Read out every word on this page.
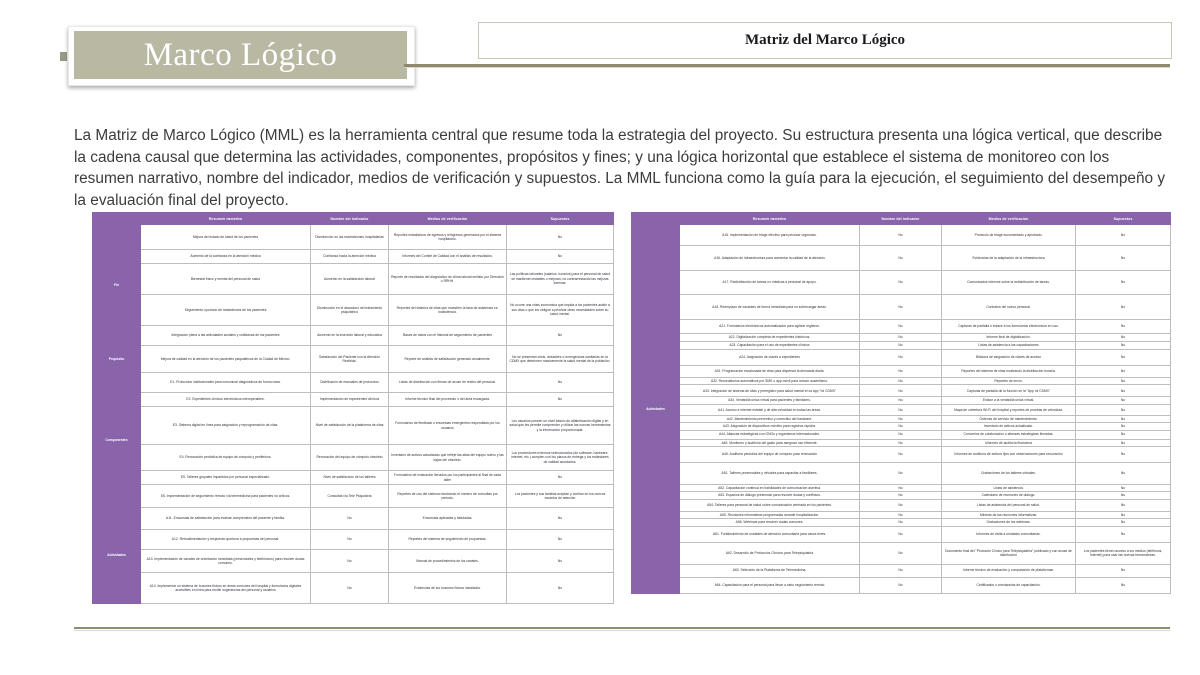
Marco Lógico	Matriz del Marco Lógico

La Matriz de Marco Lógico (MML) es la herramienta central que resume toda la estrategia del proyecto. Su estructura presenta una lógica vertical, que describe la cadena causal que determina las actividades, componentes, propósitos y fines; y una lógica horizontal que establece el sistema de monitoreo con los resumen narrativo, nombre del indicador, medios de verificación y supuestos. La MML funciona como la guía para la ejecución, el seguimiento del desempeño y la evaluación final del proyecto.

	Resumen narrativo	Nombre del indicador	Medios de verificación	Supuestos
Fin	Mejora del estado de salud de los pacientes	Disminución en las readmisiones hospitalarias	Reportes estadísticos de egresos y reingresos generados por el sistema hospitalario.	No
	Aumento de la confianza en la atención médica	Confianza hacia la atención médica	Informes del Comité de Calidad con el análisis de resultados.	No
	Bienestar físico y mental del personal de salud	Aumento en la satisfacción laboral	Reporte de resultados del diagnóstico de clima laboral emitido por Dirección o RRHH.	Las políticas laborales (salarios, horarios) para el personal de salud se mantienen estables o mejoran, no contrarrestando las mejoras internas.
	Seguimiento oportuno de tratamientos de los pacientes	Disminución en el abandono del tratamiento psiquiátrico	Reportes del sistema de citas que muestren la tasa de asistencia vs. inasistencia.	No ocurre una crisis económica que impida a los pacientes asistir a sus citas o que los obligue a priorizar otras necesidades sobre su salud mental.
	Integración plena a las actividades sociales y cotidianas de los pacientes	Aumento en la inserción laboral y educativa	Bases de datos con el historial de seguimiento de pacientes	No
Propósito	Mejora de calidad en la atención de los pacientes psiquiátricos de la Ciudad de México.	Satisfacción del Paciente con la Atención Recibida.	Reporte de análisis de satisfacción generado anualmente.	No se presentan crisis, desastres o emergencias sanitarias en la CDMX que deterioren masivamente la salud mental de la población.
Componentes	E1. Protocolos institucionales para comunicar diagnósticos de forma clara.	Distribución de manuales de protocolos	Listas de distribución con firmas de acuse de recibo del personal.	No
	E2. Expedientes clínicos electrónicos interoperables.	Implementación de expedientes clínicos	Informe técnico final del proveedor o del área encargada.	No
	E3. Sistema digital en línea para asignación y reprogramación de citas.	Nivel de satisfacción de la plataforma de citas	Formularios de feedback o encuestas emergentes respondidas por los usuarios	Los usuarios poseen un nivel básico de alfabetización digital y en salud que les permite comprender y utilizar las nuevas herramientas y la información proporcionada.
	E4. Renovación periódica de equipo de cómputo y periféricos.	Renovación del equipo de cómputo obsoleto	Inventario de activos actualizado que refleje las altas del equipo nuevo y las bajas del obsoleto.	Los proveedores externos seleccionados (de software, hardware, internet, etc.) cumplen con los plazos de entrega y los estándares de calidad acordados.
	E5. Talleres grupales impartidos por personal especializado.	Nivel de satisfacción de los talleres	Formularios de evaluación llenados por los participantes al final de cada taller	No
	E6. Implementación de seguimiento remoto vía telemedicina para pacientes no críticos.	Consultas vía Tele Psiquiatría	Reportes de uso del sistema mostrando el número de consultas por periodo.	Los pacientes y sus familias aceptan y confían en los nuevos modelos de atención
Actividades	A11. Encuestas de satisfacción para evaluar comprensión del paciente y familia.	No	Encuestas aplicadas y tabuladas.	No
	A12. Retroalimentación y respuesta oportuna a propuestas del personal.	No	Reportes del sistema de seguimiento de propuestas.	No
	A13. Implementación de canales de orientación inmediata (presenciales y telefónicos) para resolver dudas comunes.	No	Manual de procedimientos de los canales.	No
	A14. Implementar un sistema de buzones físicos en áreas comunes del hospital y formularios digitales accesibles en línea para recibir sugerencias del personal y usuarios	No	Evidencias de los buzones físicos instalados.	No
	Resumen narrativo	Nombre del indicador	Medios de verificación	Supuestos
Actividades	A15. Implementación de triage efectivo para priorizar urgencias.	No	Protocolo de triage documentado y aprobado.	No
	A16. Adaptación de infraestructura para aumentar la calidad de la atención	No	Evidencias de la adaptación de la infraestructura	No
	A17. Redistribución de tareas no médicas a personal de apoyo.	No	Comunicados internos sobre la redistribución de tareas.	No
	A18. Reemplazo de vacantes de forma inmediata para no sobrecargar áreas.	No	Contratos del nuevo personal.	No
	A21. Formularios electrónicos automatizados para agilizar registros.	No	Capturas de pantalla o enlace a los formularios electrónicos en uso.	No
	A22. Digitalización completa de expedientes históricos.	No	Informe final de digitalización.	No
	A23. Capacitación para el uso de expedientes clínicos	No	Listas de asistencia a las capacitaciones	No
	A24. Asignación de claves a expedientes	No	Bitácora de asignación de claves de acceso	No
	A31. Programación escalonada de citas para dispersar la demanda diaria.	No	Reportes del sistema de citas mostrando la distribución horaria.	No
	A32. Recordatorios automáticos por SMS o app móvil para reducir ausentismo.	No	Reportes de envío.	No
	A33. Integración de sistema de citas y preregistro para salud mental en la app "mi CDMX"	No	Capturas de pantalla de la función en la "App mi CDMX"	No
	A34. Ventanilla única virtual para pacientes y familiares.	No	Enlace a la ventanilla única virtual.	No
	A41. Acceso a internet estable y de alta velocidad en todas las áreas.	No	Mapa de cobertura Wi-Fi del hospital y reportes de pruebas de velocidad.	No
	A42. Mantenimiento preventivo y correctivo del hardware.	No	Órdenes de servicio de mantenimiento.	No
	A43. Asignación de dispositivos móviles para registros rápidos.	No	Inventario de activos actualizado.	No
	A44. Alianzas estratégicas con ONGs y organismos internacionales.	No	Convenios de colaboración o alianzas estratégicas firmadas.	No
	A45. Monitoreo y auditoría del gasto para asegurar uso eficiente.	No	Informes de auditoría financiera	No
	A46. Auditoría periódica del equipo de cómputo para renovación	No	Informes de auditoría de activos fijos con observaciones para renovación	No
	A51. Talleres presenciales y virtuales para capacitar a familiares.	No	Grabaciones de los talleres virtuales.	No
	A52. Capacitación continua en habilidades de comunicación asertiva.	No	Listas de asistencia.	No
	A53. Espacios de diálogo presencial para resolver dudas y conflictos.	No	Calendario de reuniones de diálogo.	No
	A54. Talleres para personal de salud sobre comunicación centrada en los pacientes.	No	Listas de asistencia del personal de salud.	No
	A55. Reuniones informativas programadas durante hospitalización.	No	Minutas de las reuniones informativas.	No
	A56. Webinars para resolver dudas comunes.	No	Grabaciones de los webinars.	No
	A61. Fortalecimiento de unidades de atención comunitaria para casos leves.	No	Informes de visita a unidades comunitarias.	No
	A62. Desarrollo de Protocolos Clínicos para Telepsiquiatría	No	Documento final del "Protocolo Clínico para Telepsiquiatría" publicado y con acuse de distribución	Los pacientes tienen acceso a los medios (teléfonos, internet) para usar las nuevas herramientas.
	A63. Selección de la Plataforma de Telemedicina.	No	Informe técnico de evaluación y comparación de plataformas.	No
	A64. Capacitación para el personal para llevar a cabo seguimiento remoto	No	Certificados o constancias de capacitación.	No
